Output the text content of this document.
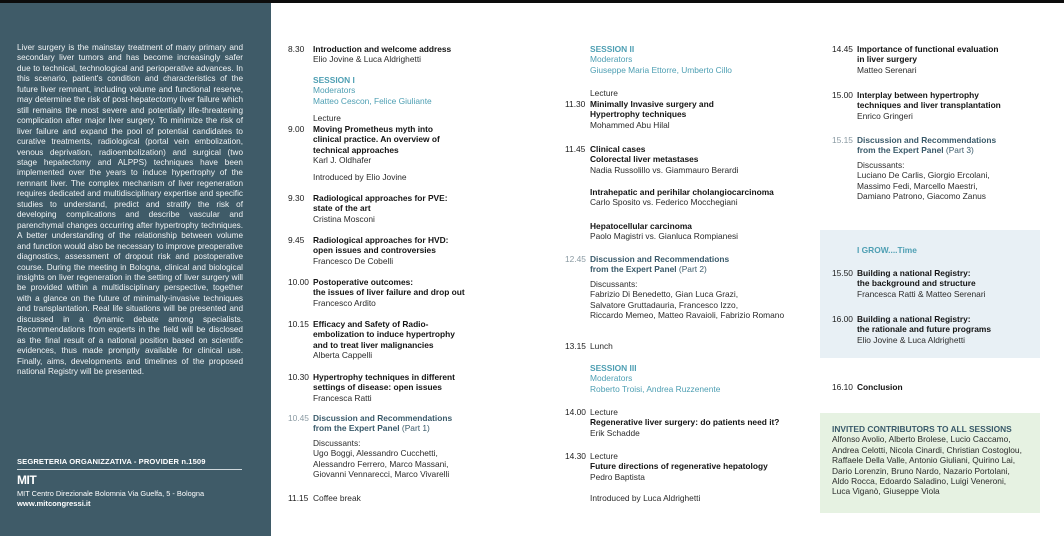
Liver surgery is the mainstay treatment of many primary and secondary liver tumors and has become increasingly safer due to technical, technological and perioperative advances. In this scenario, patient's condition and characteristics of the future liver remnant, including volume and functional reserve, may determine the risk of post-hepatectomy liver failure which still remains the most severe and potentially life-threatening complication after major liver surgery. To minimize the risk of liver failure and expand the pool of potential candidates to curative treatments, radiological (portal vein embolization, venous deprivation, radioembolization) and surgical (two stage hepatectomy and ALPPS) techniques have been implemented over the years to induce hypertrophy of the remnant liver. The complex mechanism of liver regeneration requires dedicated and multidisciplinary expertise and specific studies to understand, predict and stratify the risk of developing complications and describe vascular and parenchymal changes occurring after hypertrophy techniques. A better understanding of the relationship between volume and function would also be necessary to improve preoperative diagnostics, assessment of dropout risk and postoperative course. During the meeting in Bologna, clinical and biological insights on liver regeneration in the setting of liver surgery will be provided within a multidisciplinary perspective, together with a glance on the future of minimally-invasive techniques and transplantation. Real life situations will be presented and discussed in a dynamic debate among specialists. Recommendations from experts in the field will be disclosed as the final result of a national position based on scientific evidences, thus made promptly available for clinical use. Finally, aims, developments and timelines of the proposed national Registry will be presented.

SEGRETERIA ORGANIZZATIVA - PROVIDER n.1509
MIT
MIT Centro Direzionale Bolomnia Via Guelfa, 5 - Bologna
www.mitcongressi.it
8.30	Introduction and welcome address
Elio Jovine & Luca Aldrighetti
SESSION I
Moderators
Matteo Cescon, Felice Giuliante
Lecture
9.00	Moving Prometheus myth into
clinical practice. An overview of
technical approaches
Karl J. Oldhafer
Introduced by Elio Jovine
9.30	Radiological approaches for PVE:
state of the art
Cristina Mosconi
9.45	Radiological approaches for HVD:
open issues and controversies
Francesco De Cobelli
10.00 Postoperative outcomes:
the issues of liver failure and drop out
Francesco Ardito
10.15 Efficacy and Safety of Radio-
embolization to induce hypertrophy
and to treat liver malignancies
Alberta Cappelli
10.30 Hypertrophy techniques in different
settings of disease: open issues
Francesca Ratti
10.45 Discussion and Recommendations
from the Expert Panel (Part 1)
Discussants:
Ugo Boggi, Alessandro Cucchetti,
Alessandro Ferrero, Marco Massani,
Giovanni Vennarecci, Marco Vivarelli
11.15 Coffee break
SESSION II
Moderators
Giuseppe Maria Ettorre, Umberto Cillo
Lecture
11.30 Minimally Invasive surgery and
Hypertrophy techniques
Mohammed Abu Hilal
11.45 Clinical cases
Colorectal liver metastases
Nadia Russolillo vs. Giammauro Berardi
Intrahepatic and perihilar cholangiocarcinoma
Carlo Sposito vs. Federico Mocchegiani
Hepatocellular carcinoma
Paolo Magistri vs. Gianluca Rompianesi
12.45 Discussion and Recommendations
from the Expert Panel (Part 2)
Discussants:
Fabrizio Di Benedetto, Gian Luca Grazi,
Salvatore Gruttadauria, Francesco Izzo,
Riccardo Memeo, Matteo Ravaioli, Fabrizio Romano
13.15 Lunch
SESSION III
Moderators
Roberto Troisi, Andrea Ruzzenente
14.00 Lecture
Regenerative liver surgery: do patients need it?
Erik Schadde
14.30 Lecture
Future directions of regenerative hepatology
Pedro Baptista
Introduced by Luca Aldrighetti
14.45 Importance of functional evaluation
in liver surgery
Matteo Serenari
15.00 Interplay between hypertrophy
techniques and liver transplantation
Enrico Gringeri
15.15 Discussion and Recommendations
from the Expert Panel (Part 3)
Discussants:
Luciano De Carlis, Giorgio Ercolani,
Massimo Fedi, Marcello Maestri,
Damiano Patrono, Giacomo Zanus
I GROW....Time
15.50 Building a national Registry:
the background and structure
Francesca Ratti & Matteo Serenari
16.00 Building a national Registry:
the rationale and future programs
Elio Jovine & Luca Aldrighetti
16.10 Conclusion
INVITED CONTRIBUTORS TO ALL SESSIONS
Alfonso Avolio, Alberto Brolese, Lucio Caccamo,
Andrea Celotti, Nicola Cinardi, Christian Costoglou,
Raffaele Della Valle, Antonio Giuliani, Quirino Lai,
Dario Lorenzin, Bruno Nardo, Nazario Portolani,
Aldo Rocca, Edoardo Saladino, Luigi Veneroni,
Luca Viganò, Giuseppe Viola
